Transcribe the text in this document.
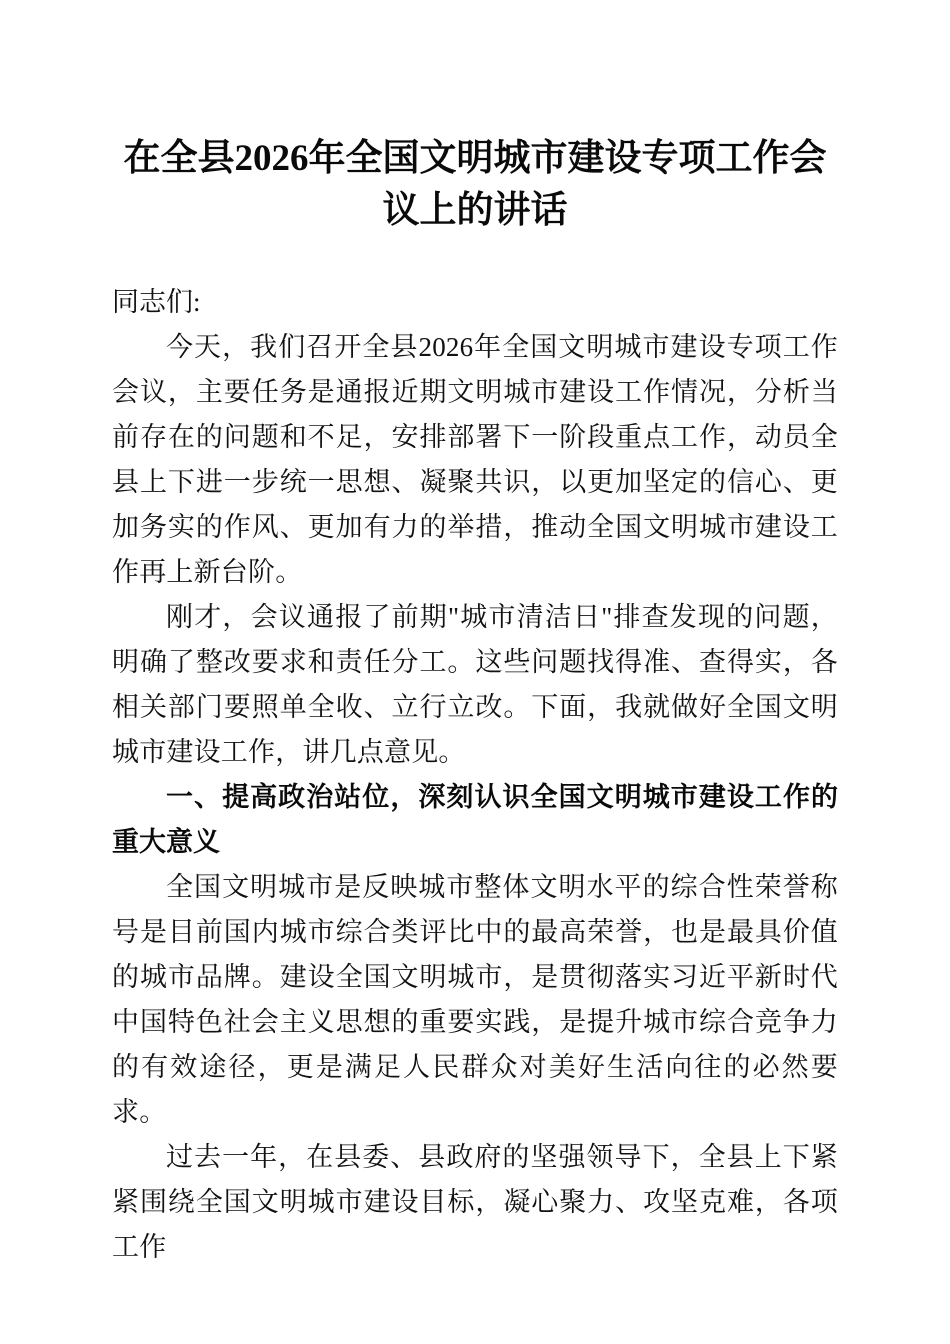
在全县2026年全国文明城市建设专项工作会议上的讲话

同志们:

今天，我们召开全县2026年全国文明城市建设专项工作会议，主要任务是通报近期文明城市建设工作情况，分析当前存在的问题和不足，安排部署下一阶段重点工作，动员全县上下进一步统一思想、凝聚共识，以更加坚定的信心、更加务实的作风、更加有力的举措，推动全国文明城市建设工作再上新台阶。

刚才，会议通报了前期"城市清洁日"排查发现的问题，明确了整改要求和责任分工。这些问题找得准、查得实，各相关部门要照单全收、立行立改。下面，我就做好全国文明城市建设工作，讲几点意见。

一、提高政治站位，深刻认识全国文明城市建设工作的重大意义

全国文明城市是反映城市整体文明水平的综合性荣誉称号是目前国内城市综合类评比中的最高荣誉，也是最具价值的城市品牌。建设全国文明城市，是贯彻落实习近平新时代中国特色社会主义思想的重要实践，是提升城市综合竞争力的有效途径，更是满足人民群众对美好生活向往的必然要求。

过去一年，在县委、县政府的坚强领导下，全县上下紧紧围绕全国文明城市建设目标，凝心聚力、攻坚克难，各项工作
